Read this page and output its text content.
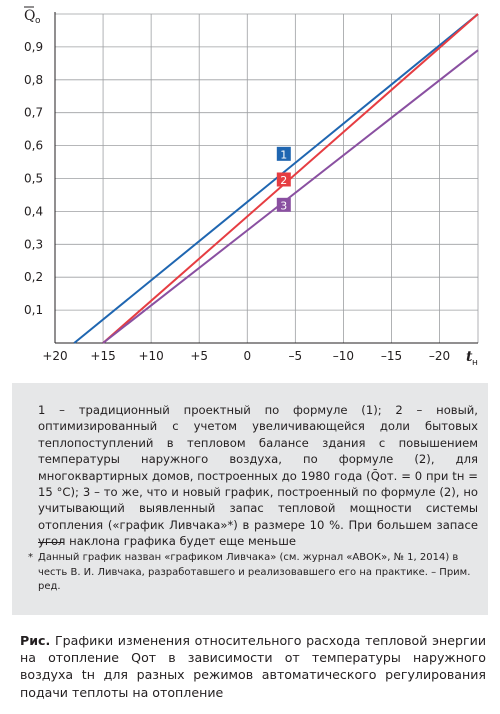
0,1
0,2
0,3
0,4
0,5
0,6
0,7
0,8
0,9
+20 +15 +10 +5	0	–5	–10 –15 –20
1
2
3
Q о
t н
1 – традиционный проектный по формуле (1); 2 – новый, оптимизированный с учетом увеличивающейся доли бытовых теплопоступлений в тепловом балансе здания с повышением температуры наружного воздуха, по формуле (2), для многоквартирных домов, построенных до 1980 года (Q̄от. = 0 при tн = 15 °С); 3 – то же, что и новый график, построенный по формуле (2), но учитывающий выявленный запас тепловой мощности системы отопления («график Ливчака»*) в размере 10 %. При большем запасе угол наклона графика будет еще меньше
* Данный график назван «графиком Ливчака» (см. журнал «АВОК», № 1, 2014) в честь В. И. Ливчака, разработавшего и реализовавшего его на практике. – Прим. ред.
Рис. Графики изменения относительного расхода тепловой энергии на отопление Qот в зависимости от температуры наружного воздуха tн для разных режимов автоматического регулирования подачи теплоты на отопление
